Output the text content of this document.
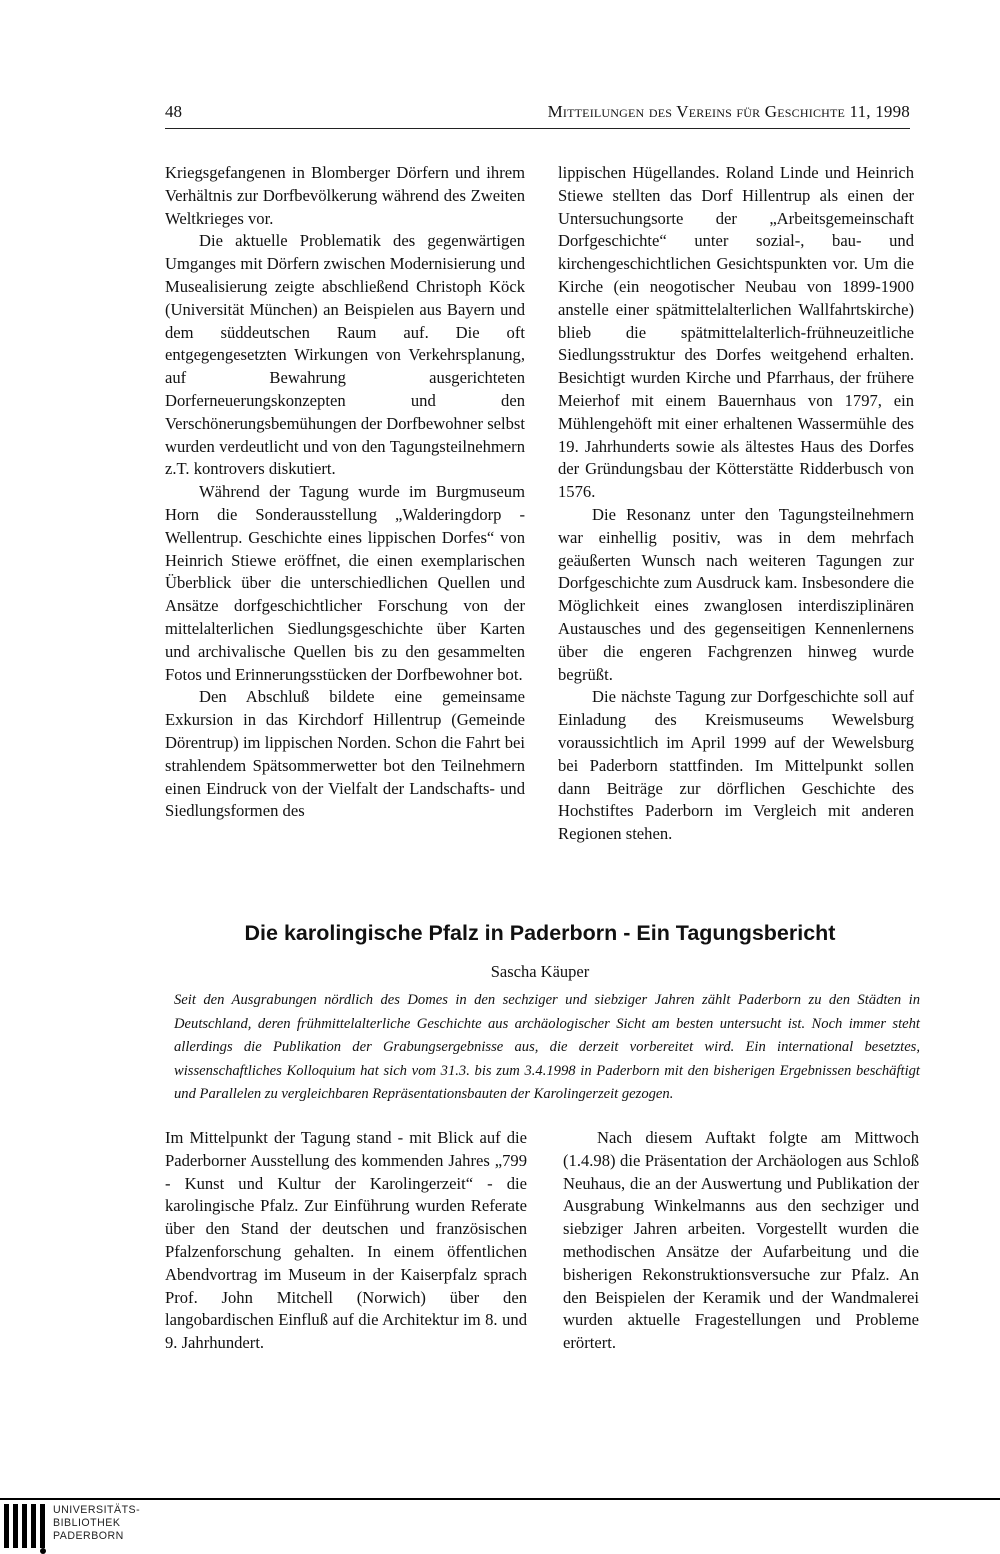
48	Mitteilungen des Vereins für Geschichte 11, 1998

Kriegsgefangenen in Blomberger Dörfern und ihrem Verhältnis zur Dorfbevölkerung während des Zweiten Weltkrieges vor.

Die aktuelle Problematik des gegenwärtigen Umganges mit Dörfern zwischen Modernisierung und Musealisierung zeigte abschließend Christoph Köck (Universität München) an Beispielen aus Bayern und dem süddeutschen Raum auf. Die oft entgegengesetzten Wirkungen von Verkehrsplanung, auf Bewahrung ausgerichteten Dorferneuerungskonzepten und den Verschönerungsbemühungen der Dorfbewohner selbst wurden verdeutlicht und von den Tagungsteilnehmern z.T. kontrovers diskutiert.

Während der Tagung wurde im Burgmuseum Horn die Sonderausstellung „Walderingdorp - Wellentrup. Geschichte eines lippischen Dorfes“ von Heinrich Stiewe eröffnet, die einen exemplarischen Überblick über die unterschiedlichen Quellen und Ansätze dorfgeschichtlicher Forschung von der mittelalterlichen Siedlungsgeschichte über Karten und archivalische Quellen bis zu den gesammelten Fotos und Erinnerungsstücken der Dorfbewohner bot.

Den Abschluß bildete eine gemeinsame Exkursion in das Kirchdorf Hillentrup (Gemeinde Dörentrup) im lippischen Norden. Schon die Fahrt bei strahlendem Spätsommerwetter bot den Teilnehmern einen Eindruck von der Vielfalt der Landschafts- und Siedlungsformen des

lippischen Hügellandes. Roland Linde und Heinrich Stiewe stellten das Dorf Hillentrup als einen der Untersuchungsorte der „Arbeitsgemeinschaft Dorfgeschichte“ unter sozial-, bau- und kirchengeschichtlichen Gesichtspunkten vor. Um die Kirche (ein neogotischer Neubau von 1899-1900 anstelle einer spätmittelalterlichen Wallfahrtskirche) blieb die spätmittelalterlich-frühneuzeitliche Siedlungsstruktur des Dorfes weitgehend erhalten. Besichtigt wurden Kirche und Pfarrhaus, der frühere Meierhof mit einem Bauernhaus von 1797, ein Mühlengehöft mit einer erhaltenen Wassermühle des 19. Jahrhunderts sowie als ältestes Haus des Dorfes der Gründungsbau der Kötterstätte Ridderbusch von 1576.

Die Resonanz unter den Tagungsteilnehmern war einhellig positiv, was in dem mehrfach geäußerten Wunsch nach weiteren Tagungen zur Dorfgeschichte zum Ausdruck kam. Insbesondere die Möglichkeit eines zwanglosen interdisziplinären Austausches und des gegenseitigen Kennenlernens über die engeren Fachgrenzen hinweg wurde begrüßt.

Die nächste Tagung zur Dorfgeschichte soll auf Einladung des Kreismuseums Wewelsburg voraussichtlich im April 1999 auf der Wewelsburg bei Paderborn stattfinden. Im Mittelpunkt sollen dann Beiträge zur dörflichen Geschichte des Hochstiftes Paderborn im Vergleich mit anderen Regionen stehen.

Die karolingische Pfalz in Paderborn - Ein Tagungsbericht
Sascha Käuper
Seit den Ausgrabungen nördlich des Domes in den sechziger und siebziger Jahren zählt Paderborn zu den Städten in Deutschland, deren frühmittelalterliche Geschichte aus archäologischer Sicht am besten untersucht ist. Noch immer steht allerdings die Publikation der Grabungsergebnisse aus, die derzeit vorbereitet wird. Ein international besetztes, wissenschaftliches Kolloquium hat sich vom 31.3. bis zum 3.4.1998 in Paderborn mit den bisherigen Ergebnissen beschäftigt und Parallelen zu vergleichbaren Repräsentationsbauten der Karolingerzeit gezogen.

Im Mittelpunkt der Tagung stand - mit Blick auf die Paderborner Ausstellung des kommenden Jahres „799 - Kunst und Kultur der Karolingerzeit“ - die karolingische Pfalz. Zur Einführung wurden Referate über den Stand der deutschen und französischen Pfalzenforschung gehalten. In einem öffentlichen Abendvortrag im Museum in der Kaiserpfalz sprach Prof. John Mitchell (Norwich) über den langobardischen Einfluß auf die Architektur im 8. und 9. Jahrhundert.

Nach diesem Auftakt folgte am Mittwoch (1.4.98) die Präsentation der Archäologen aus Schloß Neuhaus, die an der Auswertung und Publikation der Ausgrabung Winkelmanns aus den sechziger und siebziger Jahren arbeiten. Vorgestellt wurden die methodischen Ansätze der Aufarbeitung und die bisherigen Rekonstruktionsversuche zur Pfalz. An den Beispielen der Keramik und der Wandmalerei wurden aktuelle Fragestellungen und Probleme erörtert.

UNIVERSITÄTS-
BIBLIOTHEK
PADERBORN
